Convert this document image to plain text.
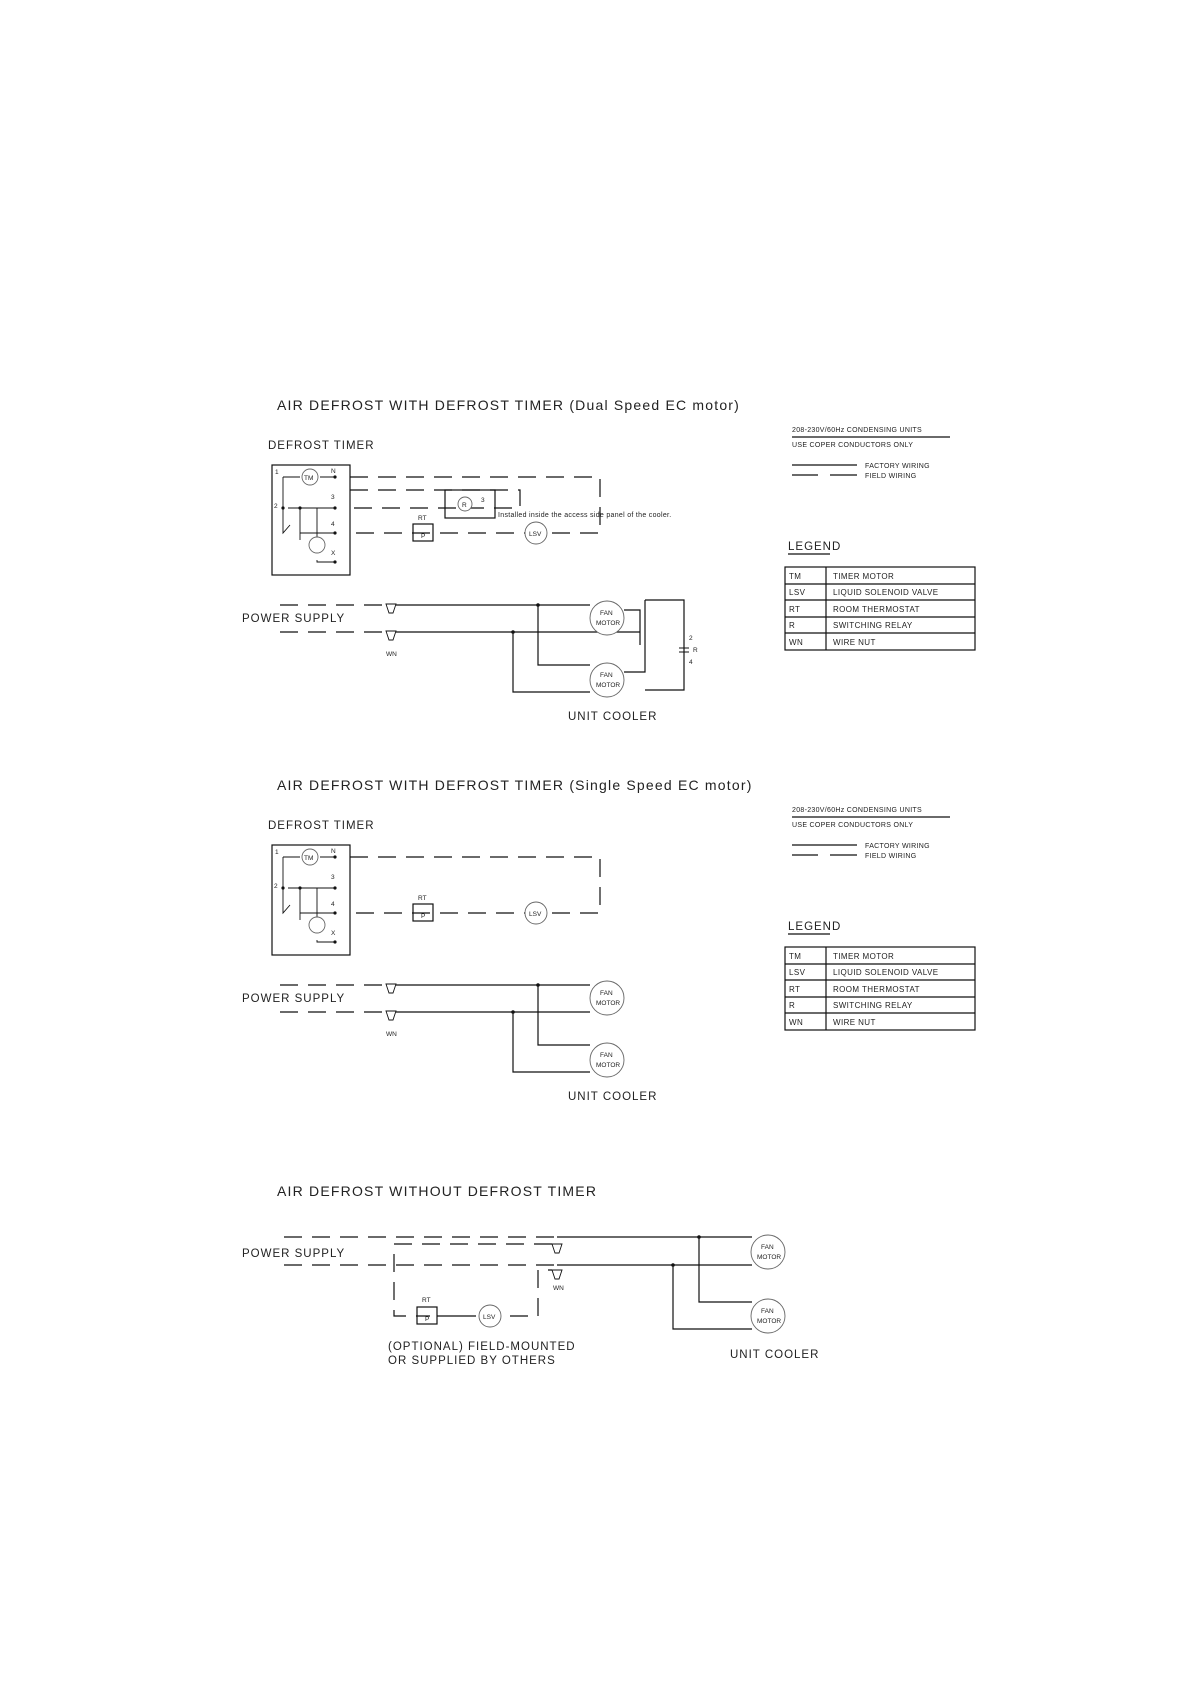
AIR DEFROST WITH DEFROST TIMER (Dual Speed EC motor)
DEFROST TIMER
1
2
N
3
4
X
TM
R
3
Installed inside the access side panel of the cooler.
RT
P	LSV
POWER SUPPLY
WN
FAN
MOTOR
FAN
MOTOR
2
R
4
UNIT COOLER
208-230V/60Hz CONDENSING UNITS
USE COPER CONDUCTORS ONLY
FACTORY WIRING
FIELD WIRING
LEGEND
TM	TIMER MOTOR
LSV	LIQUID SOLENOID VALVE
RT	ROOM THERMOSTAT
R	SWITCHING RELAY
WN	WIRE NUT
AIR DEFROST WITH DEFROST TIMER (Single Speed EC motor)
DEFROST TIMER
1
2
N
3
4
X
TM
RT
P	LSV
POWER SUPPLY
WN
FAN
MOTOR
FAN
MOTOR
UNIT COOLER
208-230V/60Hz CONDENSING UNITS
USE COPER CONDUCTORS ONLY
FACTORY WIRING
FIELD WIRING
LEGEND
TM	TIMER MOTOR
LSV	LIQUID SOLENOID VALVE
RT	ROOM THERMOSTAT
R	SWITCHING RELAY
WN	WIRE NUT
AIR DEFROST WITHOUT DEFROST TIMER
POWER SUPPLY
WN
RT
P	LSV
(OPTIONAL) FIELD-MOUNTED
OR SUPPLIED BY OTHERS
FAN
MOTOR
FAN
MOTOR
UNIT COOLER
